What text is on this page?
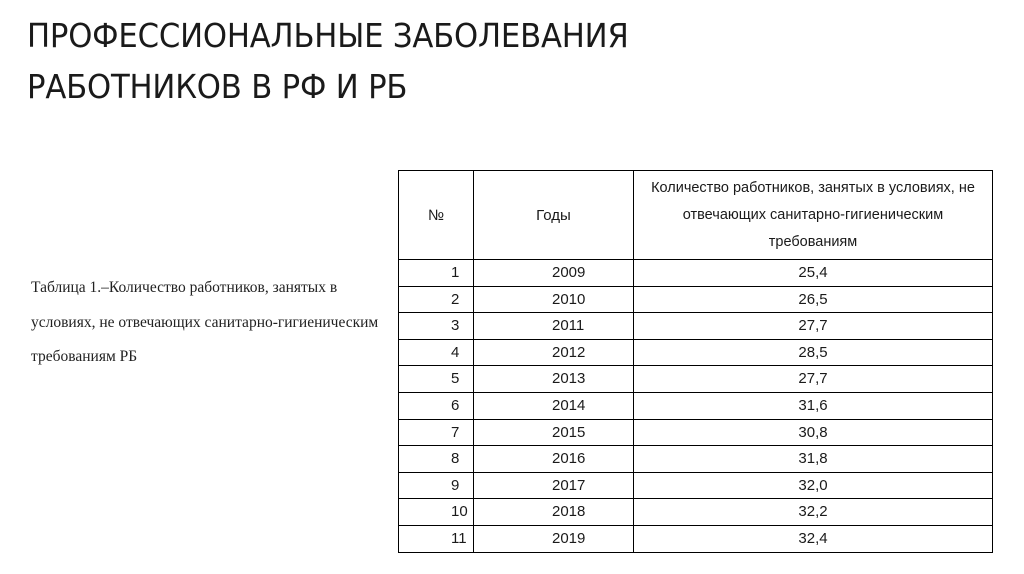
ПРОФЕССИОНАЛЬНЫЕ ЗАБОЛЕВАНИЯ
РАБОТНИКОВ В РФ И РБ

Таблица 1.–Количество работников, занятых в условиях, не отвечающих санитарно-гигиеническим требованиям РБ

№	Годы	Количество работников, занятых в условиях, не отвечающих санитарно-гигиеническим требованиям
1	2009	25,4
2	2010	26,5
3	2011	27,7
4	2012	28,5
5	2013	27,7
6	2014	31,6
7	2015	30,8
8	2016	31,8
9	2017	32,0
10	2018	32,2
11	2019	32,4
